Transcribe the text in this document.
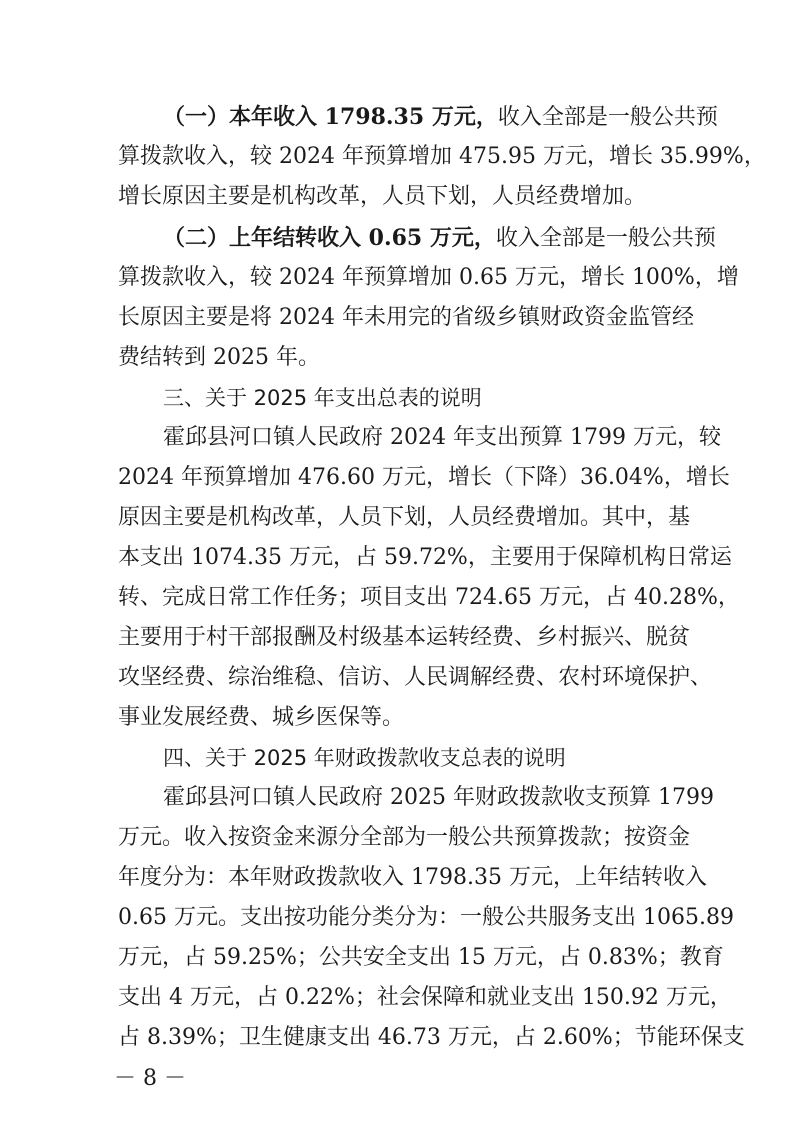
（一）本年收入 1798.35 万元，收入全部是一般公共预
算拨款收入，较 2024 年预算增加 475.95 万元，增长 35.99%，
增长原因主要是机构改革，人员下划，人员经费增加。
（二）上年结转收入 0.65 万元，收入全部是一般公共预
算拨款收入，较 2024 年预算增加 0.65 万元，增长 100%，增
长原因主要是将 2024 年未用完的省级乡镇财政资金监管经
费结转到 2025 年。
三、关于 2025 年支出总表的说明
霍邱县河口镇人民政府 2024 年支出预算 1799 万元，较
2024 年预算增加 476.60 万元，增长（下降）36.04%，增长
原因主要是机构改革，人员下划，人员经费增加。其中，基
本支出 1074.35 万元，占 59.72%，主要用于保障机构日常运
转、完成日常工作任务；项目支出 724.65 万元，占 40.28%，
主要用于村干部报酬及村级基本运转经费、乡村振兴、脱贫
攻坚经费、综治维稳、信访、人民调解经费、农村环境保护、
事业发展经费、城乡医保等。
四、关于 2025 年财政拨款收支总表的说明
霍邱县河口镇人民政府 2025 年财政拨款收支预算 1799
万元。收入按资金来源分全部为一般公共预算拨款；按资金
年度分为：本年财政拨款收入 1798.35 万元，上年结转收入
0.65 万元。支出按功能分类分为：一般公共服务支出 1065.89
万元，占 59.25%；公共安全支出 15 万元，占 0.83%；教育
支出 4 万元，占 0.22%；社会保障和就业支出 150.92 万元，
占 8.39%；卫生健康支出 46.73 万元，占 2.60%；节能环保支
－ 8 －
